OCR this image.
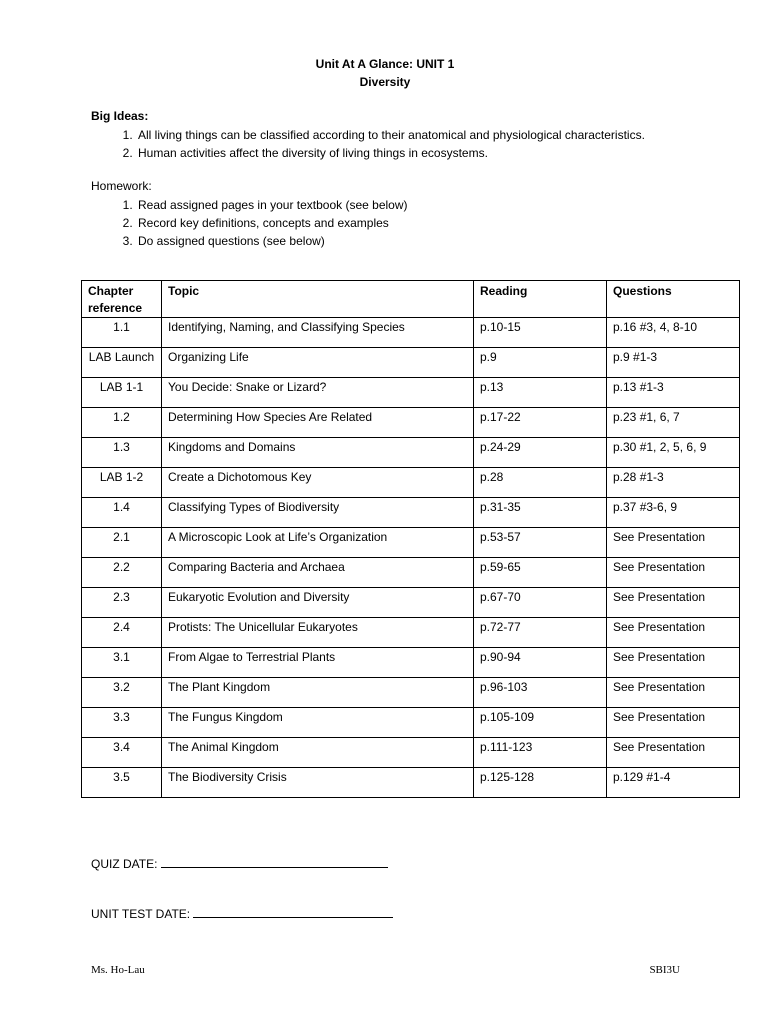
Unit At A Glance: UNIT 1
Diversity
Big Ideas:
1. All living things can be classified according to their anatomical and physiological characteristics.
2. Human activities affect the diversity of living things in ecosystems.
Homework:
1. Read assigned pages in your textbook (see below)
2. Record key definitions, concepts and examples
3. Do assigned questions (see below)
Chapter reference	Topic	Reading	Questions
1.1	Identifying, Naming, and Classifying Species	p.10-15	p.16 #3, 4, 8-10
LAB Launch	Organizing Life	p.9	p.9 #1-3
LAB 1-1	You Decide: Snake or Lizard?	p.13	p.13 #1-3
1.2	Determining How Species Are Related	p.17-22	p.23 #1, 6, 7
1.3	Kingdoms and Domains	p.24-29	p.30 #1, 2, 5, 6, 9
LAB 1-2	Create a Dichotomous Key	p.28	p.28 #1-3
1.4	Classifying Types of Biodiversity	p.31-35	p.37 #3-6, 9
2.1	A Microscopic Look at Life’s Organization	p.53-57	See Presentation
2.2	Comparing Bacteria and Archaea	p.59-65	See Presentation
2.3	Eukaryotic Evolution and Diversity	p.67-70	See Presentation
2.4	Protists: The Unicellular Eukaryotes	p.72-77	See Presentation
3.1	From Algae to Terrestrial Plants	p.90-94	See Presentation
3.2	The Plant Kingdom	p.96-103	See Presentation
3.3	The Fungus Kingdom	p.105-109	See Presentation
3.4	The Animal Kingdom	p.111-123	See Presentation
3.5	The Biodiversity Crisis	p.125-128	p.129 #1-4
QUIZ DATE:
UNIT TEST DATE:
Ms. Ho-Lau	SBI3U
